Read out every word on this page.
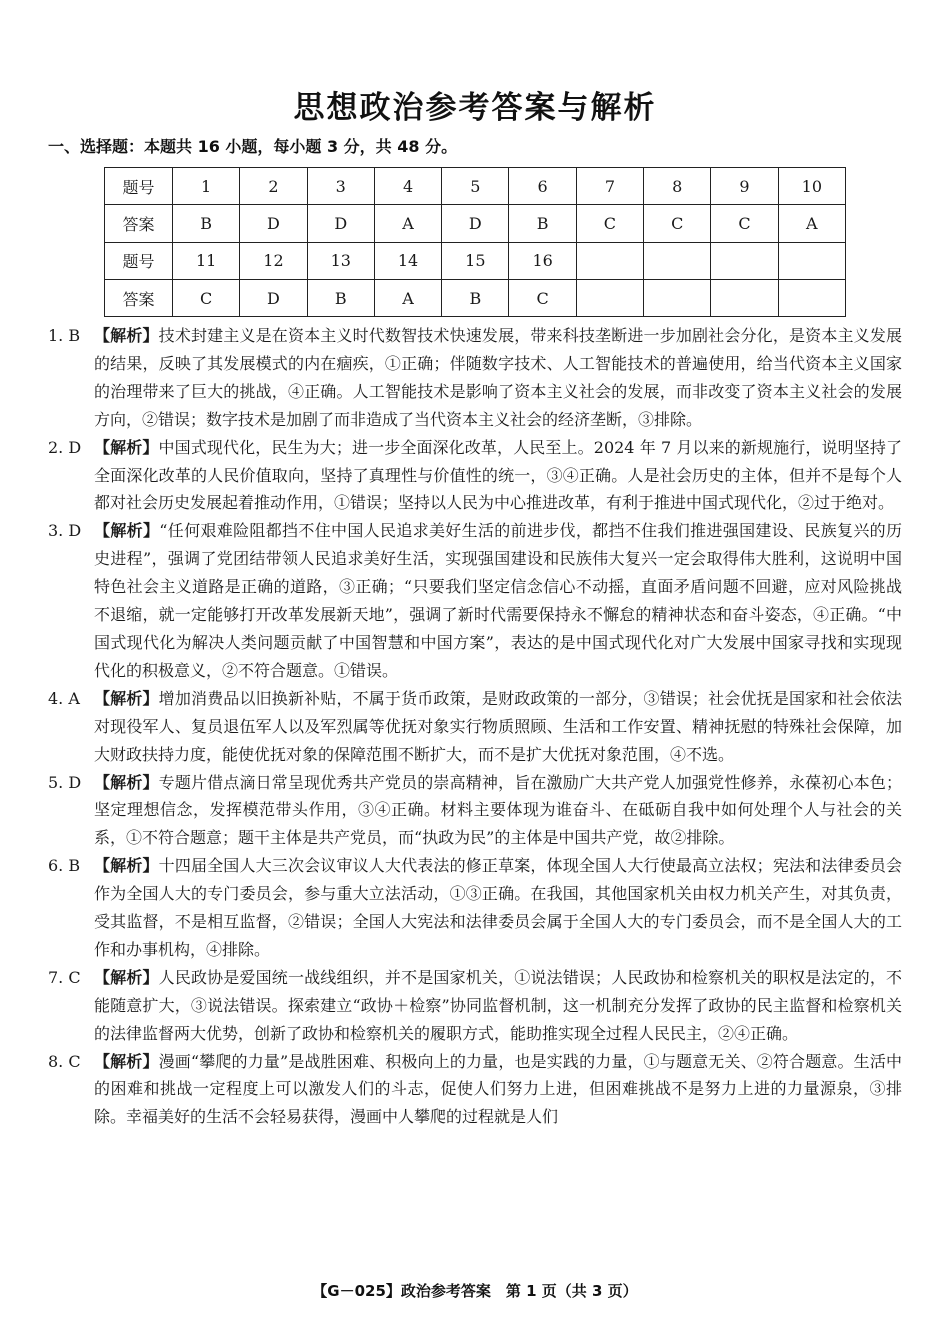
思想政治参考答案与解析
一、选择题：本题共 16 小题，每小题 3 分，共 48 分。
题号	1	2	3	4	5	6	7	8	9	10
答案	B	D	D	A	D	B	C	C	C	A
题号	11	12	13	14	15	16				
答案	C	D	B	A	B	C				
1. B 【解析】技术封建主义是在资本主义时代数智技术快速发展，带来科技垄断进一步加剧社会分化，是资本主义发展的结果，反映了其发展模式的内在痼疾，①正确；伴随数字技术、人工智能技术的普遍使用，给当代资本主义国家的治理带来了巨大的挑战，④正确。人工智能技术是影响了资本主义社会的发展，而非改变了资本主义社会的发展方向，②错误；数字技术是加剧了而非造成了当代资本主义社会的经济垄断，③排除。
2. D 【解析】中国式现代化，民生为大；进一步全面深化改革，人民至上。2024 年 7 月以来的新规施行，说明坚持了全面深化改革的人民价值取向，坚持了真理性与价值性的统一，③④正确。人是社会历史的主体，但并不是每个人都对社会历史发展起着推动作用，①错误；坚持以人民为中心推进改革，有利于推进中国式现代化，②过于绝对。
3. D 【解析】“任何艰难险阻都挡不住中国人民追求美好生活的前进步伐，都挡不住我们推进强国建设、民族复兴的历史进程”，强调了党团结带领人民追求美好生活，实现强国建设和民族伟大复兴一定会取得伟大胜利，这说明中国特色社会主义道路是正确的道路，③正确；“只要我们坚定信念信心不动摇，直面矛盾问题不回避，应对风险挑战不退缩，就一定能够打开改革发展新天地”，强调了新时代需要保持永不懈怠的精神状态和奋斗姿态，④正确。“中国式现代化为解决人类问题贡献了中国智慧和中国方案”，表达的是中国式现代化对广大发展中国家寻找和实现现代化的积极意义，②不符合题意。①错误。
4. A 【解析】增加消费品以旧换新补贴，不属于货币政策，是财政政策的一部分，③错误；社会优抚是国家和社会依法对现役军人、复员退伍军人以及军烈属等优抚对象实行物质照顾、生活和工作安置、精神抚慰的特殊社会保障，加大财政扶持力度，能使优抚对象的保障范围不断扩大，而不是扩大优抚对象范围，④不选。
5. D 【解析】专题片借点滴日常呈现优秀共产党员的崇高精神，旨在激励广大共产党人加强党性修养，永葆初心本色；坚定理想信念，发挥模范带头作用，③④正确。材料主要体现为谁奋斗、在砥砺自我中如何处理个人与社会的关系，①不符合题意；题干主体是共产党员，而“执政为民”的主体是中国共产党，故②排除。
6. B 【解析】十四届全国人大三次会议审议人大代表法的修正草案，体现全国人大行使最高立法权；宪法和法律委员会作为全国人大的专门委员会，参与重大立法活动，①③正确。在我国，其他国家机关由权力机关产生，对其负责，受其监督，不是相互监督，②错误；全国人大宪法和法律委员会属于全国人大的专门委员会，而不是全国人大的工作和办事机构，④排除。
7. C 【解析】人民政协是爱国统一战线组织，并不是国家机关，①说法错误；人民政协和检察机关的职权是法定的，不能随意扩大，③说法错误。探索建立“政协＋检察”协同监督机制，这一机制充分发挥了政协的民主监督和检察机关的法律监督两大优势，创新了政协和检察机关的履职方式，能助推实现全过程人民民主，②④正确。
8. C 【解析】漫画“攀爬的力量”是战胜困难、积极向上的力量，也是实践的力量，①与题意无关、②符合题意。生活中的困难和挑战一定程度上可以激发人们的斗志，促使人们努力上进，但困难挑战不是努力上进的力量源泉，③排除。幸福美好的生活不会轻易获得，漫画中人攀爬的过程就是人们
【G－025】政治参考答案　第 1 页（共 3 页）
